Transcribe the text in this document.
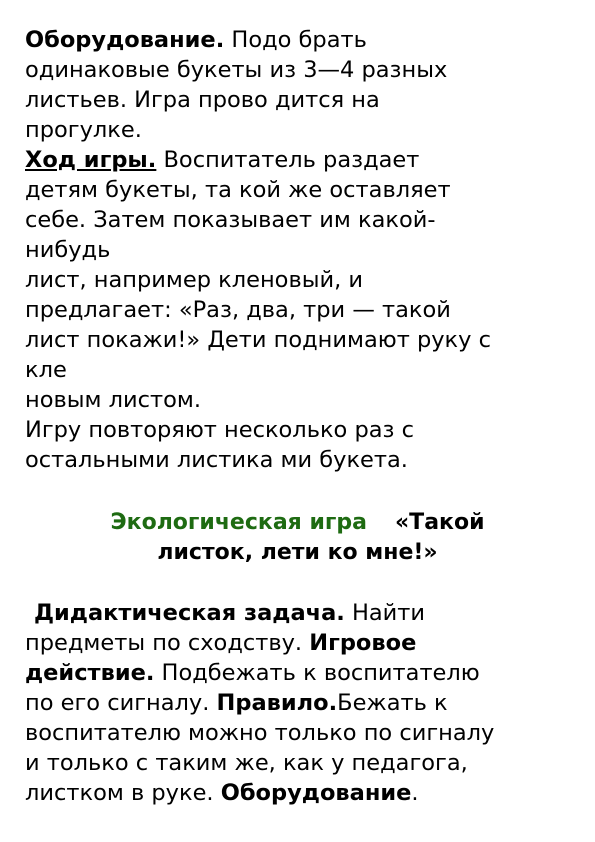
Оборудование. Подо брать
одинаковые букеты из 3—4 разных
листьев. Игра прово дится на
прогулке.
Ход игры. Воспитатель раздает
детям букеты, та кой же оставляет
себе. Затем показывает им какой-
нибудь
лист, например кленовый, и
предлагает: «Раз, два, три — такой
лист покажи!» Дети поднимают руку с
кле
новым листом.
Игру повторяют несколько раз с
остальными листика ми букета.
Экологическая игра «Такой
листок, лети ко мне!»
Дидактическая задача. Найти
предметы по сходству. Игровое
действие. Подбежать к воспитателю
по его сигналу. Правило.Бежать к
воспитателю можно только по сигналу
и только с таким же, как у педагога,
листком в руке. Оборудование.
